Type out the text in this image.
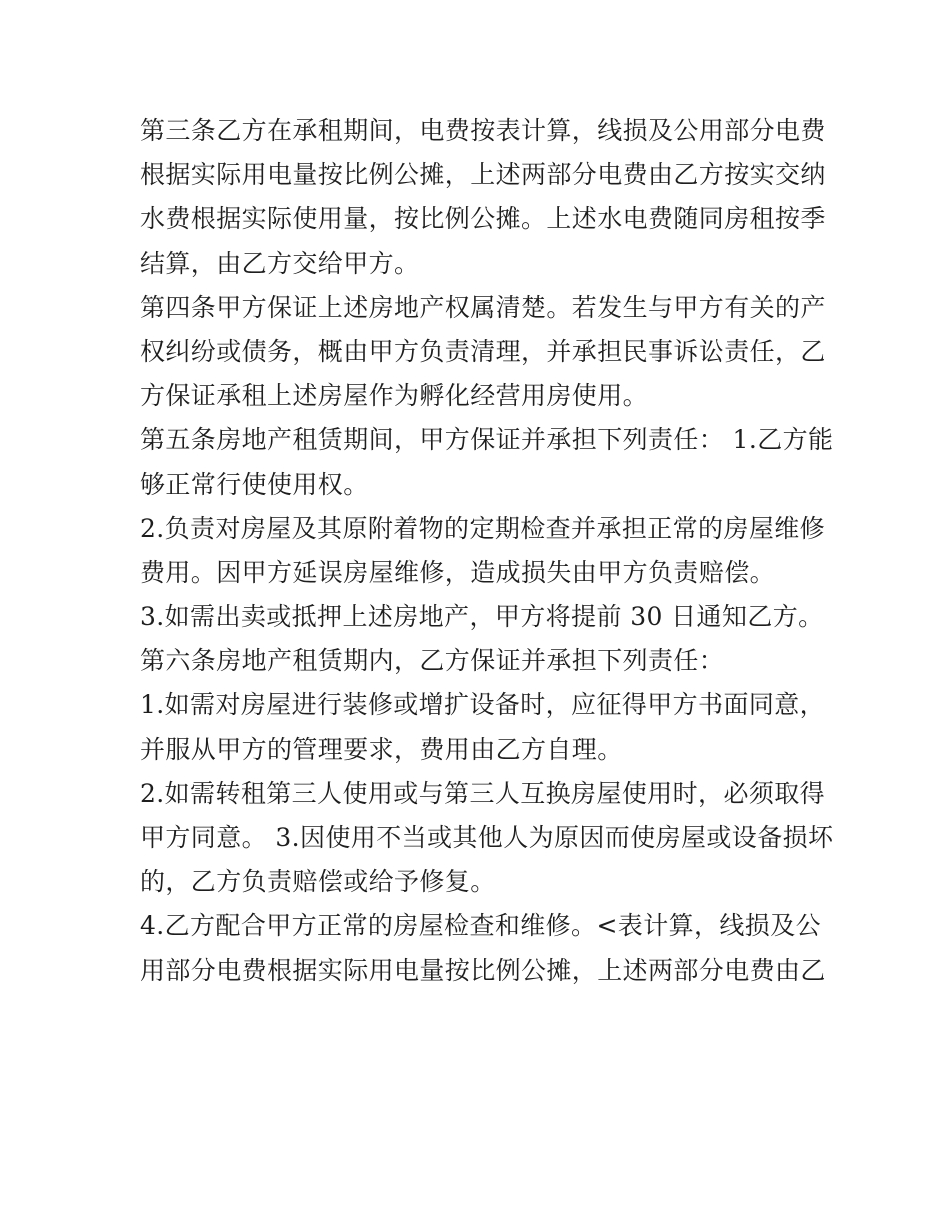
第三条乙方在承租期间，电费按表计算，线损及公用部分电费
根据实际用电量按比例公摊，上述两部分电费由乙方按实交纳
水费根据实际使用量，按比例公摊。上述水电费随同房租按季
结算，由乙方交给甲方。
第四条甲方保证上述房地产权属清楚。若发生与甲方有关的产
权纠纷或债务，概由甲方负责清理，并承担民事诉讼责任，乙
方保证承租上述房屋作为孵化经营用房使用。
第五条房地产租赁期间，甲方保证并承担下列责任： 1.乙方能
够正常行使使用权。
2.负责对房屋及其原附着物的定期检查并承担正常的房屋维修
费用。因甲方延误房屋维修，造成损失由甲方负责赔偿。
3.如需出卖或抵押上述房地产，甲方将提前 30 日通知乙方。
第六条房地产租赁期内，乙方保证并承担下列责任：
1.如需对房屋进行装修或增扩设备时，应征得甲方书面同意，
并服从甲方的管理要求，费用由乙方自理。
2.如需转租第三人使用或与第三人互换房屋使用时，必须取得
甲方同意。 3.因使用不当或其他人为原因而使房屋或设备损坏
的，乙方负责赔偿或给予修复。
4.乙方配合甲方正常的房屋检查和维修。<表计算，线损及公
用部分电费根据实际用电量按比例公摊，上述两部分电费由乙
